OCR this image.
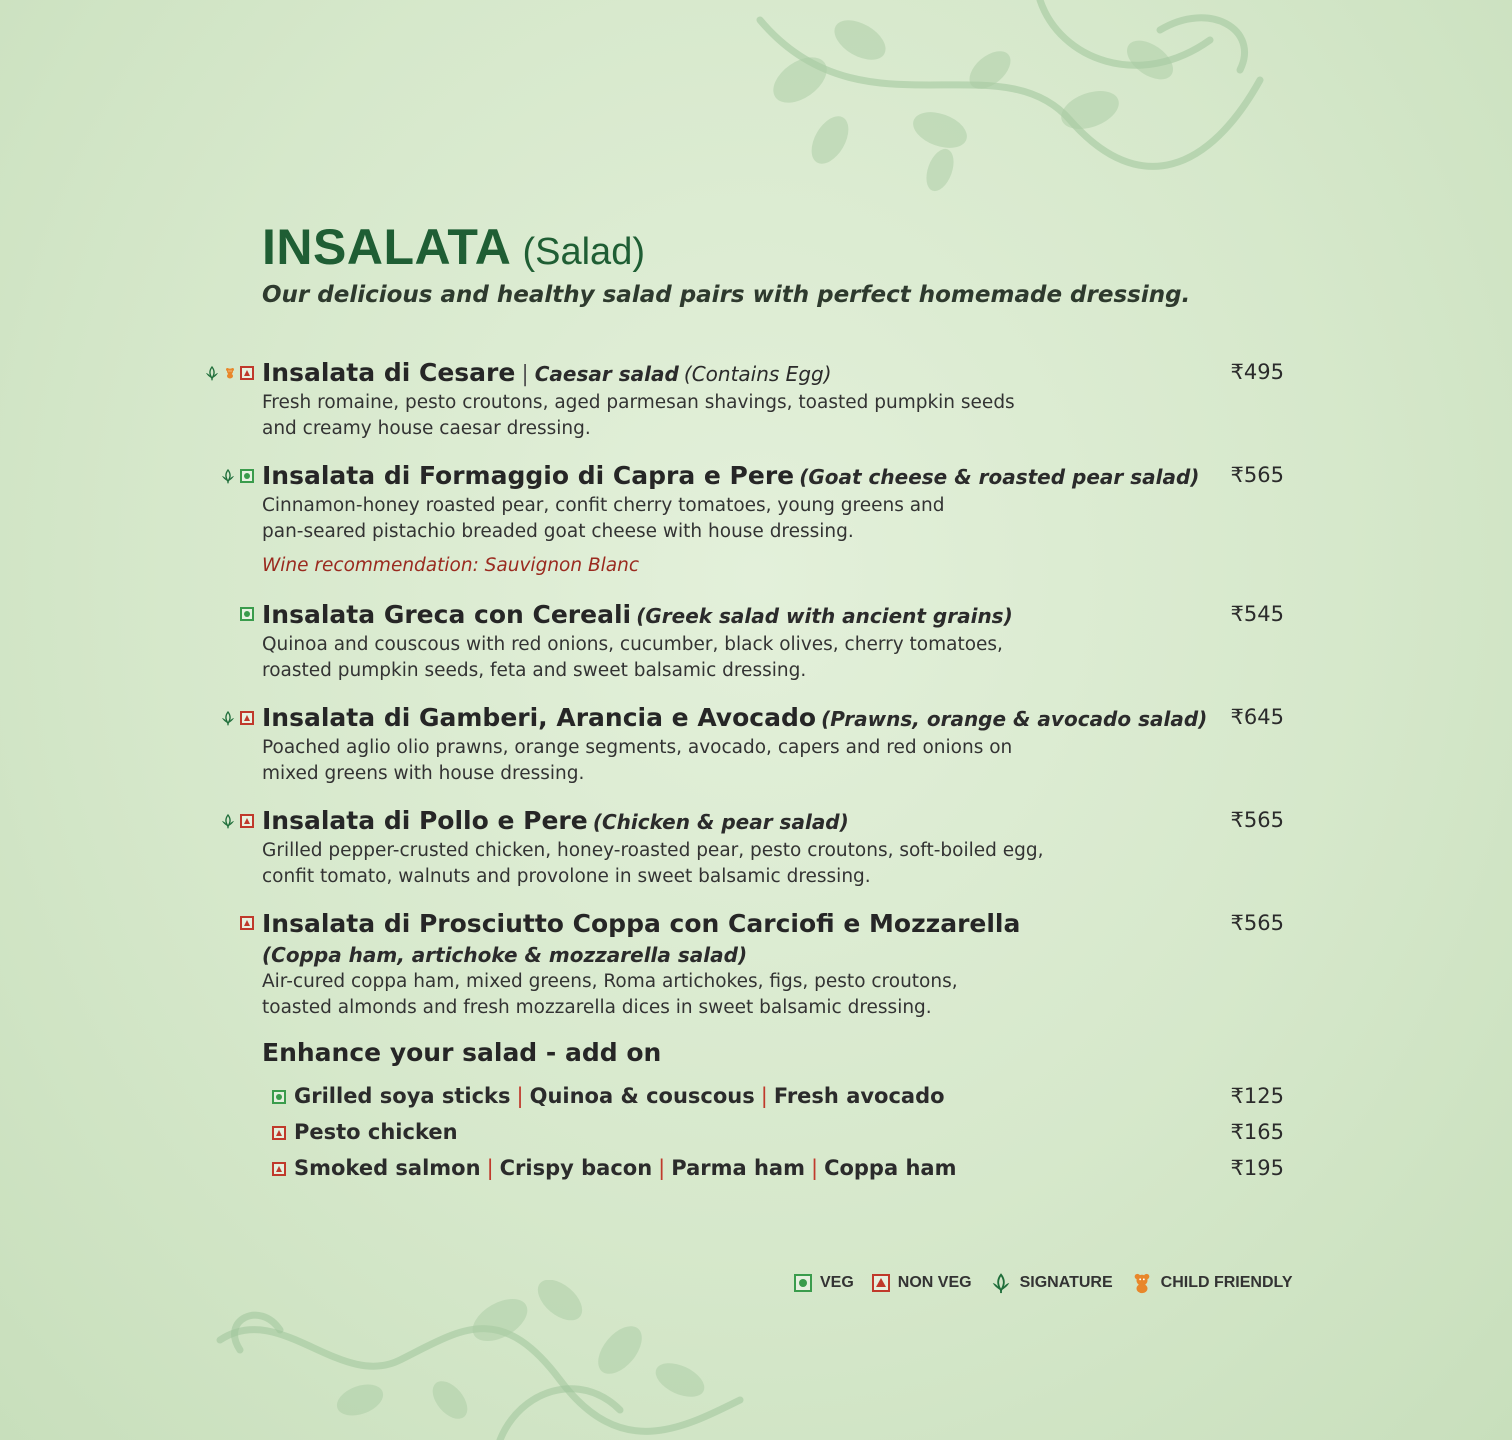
INSALATA (Salad)
Our delicious and healthy salad pairs with perfect homemade dressing.
Insalata di Cesare | Caesar salad (Contains Egg)	₹495
Fresh romaine, pesto croutons, aged parmesan shavings, toasted pumpkin seeds
and creamy house caesar dressing.
Insalata di Formaggio di Capra e Pere (Goat cheese & roasted pear salad) ₹565
Cinnamon-honey roasted pear, confit cherry tomatoes, young greens and
pan-seared pistachio breaded goat cheese with house dressing.
Wine recommendation: Sauvignon Blanc
Insalata Greca con Cereali (Greek salad with ancient grains)	₹545
Quinoa and couscous with red onions, cucumber, black olives, cherry tomatoes,
roasted pumpkin seeds, feta and sweet balsamic dressing.
Insalata di Gamberi, Arancia e Avocado (Prawns, orange & avocado salad) ₹645
Poached aglio olio prawns, orange segments, avocado, capers and red onions on
mixed greens with house dressing.
Insalata di Pollo e Pere (Chicken & pear salad)	₹565
Grilled pepper-crusted chicken, honey-roasted pear, pesto croutons, soft-boiled egg,
confit tomato, walnuts and provolone in sweet balsamic dressing.
Insalata di Prosciutto Coppa con Carciofi e Mozzarella	₹565
(Coppa ham, artichoke & mozzarella salad)
Air-cured coppa ham, mixed greens, Roma artichokes, figs, pesto croutons,
toasted almonds and fresh mozzarella dices in sweet balsamic dressing.
Enhance your salad - add on
Grilled soya sticks | Quinoa & couscous | Fresh avocado	₹125
Pesto chicken	₹165
Smoked salmon | Crispy bacon | Parma ham | Coppa ham	₹195
VEG	NON VEG	SIGNATURE	CHILD FRIENDLY
